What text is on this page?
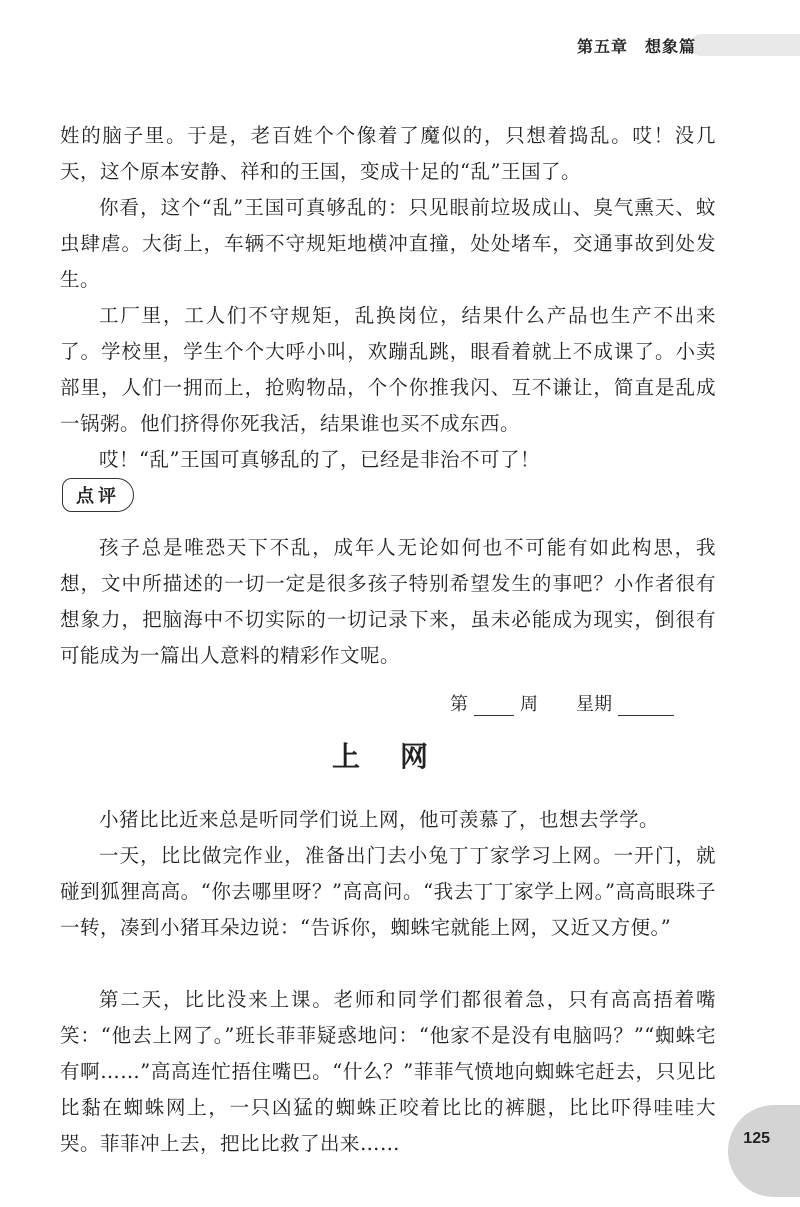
第五章　想象篇

姓的脑子里。于是，老百姓个个像着了魔似的，只想着捣乱。哎！没几天，这个原本安静、祥和的王国，变成十足的“乱”王国了。

你看，这个“乱”王国可真够乱的：只见眼前垃圾成山、臭气熏天、蚊虫肆虐。大街上，车辆不守规矩地横冲直撞，处处堵车，交通事故到处发生。

工厂里，工人们不守规矩，乱换岗位，结果什么产品也生产不出来了。学校里，学生个个大呼小叫，欢蹦乱跳，眼看着就上不成课了。小卖部里，人们一拥而上，抢购物品，个个你推我闪、互不谦让，简直是乱成一锅粥。他们挤得你死我活，结果谁也买不成东西。

哎！“乱”王国可真够乱的了，已经是非治不可了！

点评

孩子总是唯恐天下不乱，成年人无论如何也不可能有如此构思，我想，文中所描述的一切一定是很多孩子特别希望发生的事吧？小作者很有想象力，把脑海中不切实际的一切记录下来，虽未必能成为现实，倒很有可能成为一篇出人意料的精彩作文呢。

第	周 星期
上网

小猪比比近来总是听同学们说上网，他可羡慕了，也想去学学。

一天，比比做完作业，准备出门去小兔丁丁家学习上网。一开门，就碰到狐狸高高。“你去哪里呀？”高高问。“我去丁丁家学上网。”高高眼珠子一转，凑到小猪耳朵边说：“告诉你，蜘蛛宅就能上网，又近又方便。”

第二天，比比没来上课。老师和同学们都很着急，只有高高捂着嘴笑：“他去上网了。”班长菲菲疑惑地问：“他家不是没有电脑吗？”“蜘蛛宅有啊……”高高连忙捂住嘴巴。“什么？”菲菲气愤地向蜘蛛宅赶去，只见比比黏在蜘蛛网上，一只凶猛的蜘蛛正咬着比比的裤腿，比比吓得哇哇大哭。菲菲冲上去，把比比救了出来……	125
